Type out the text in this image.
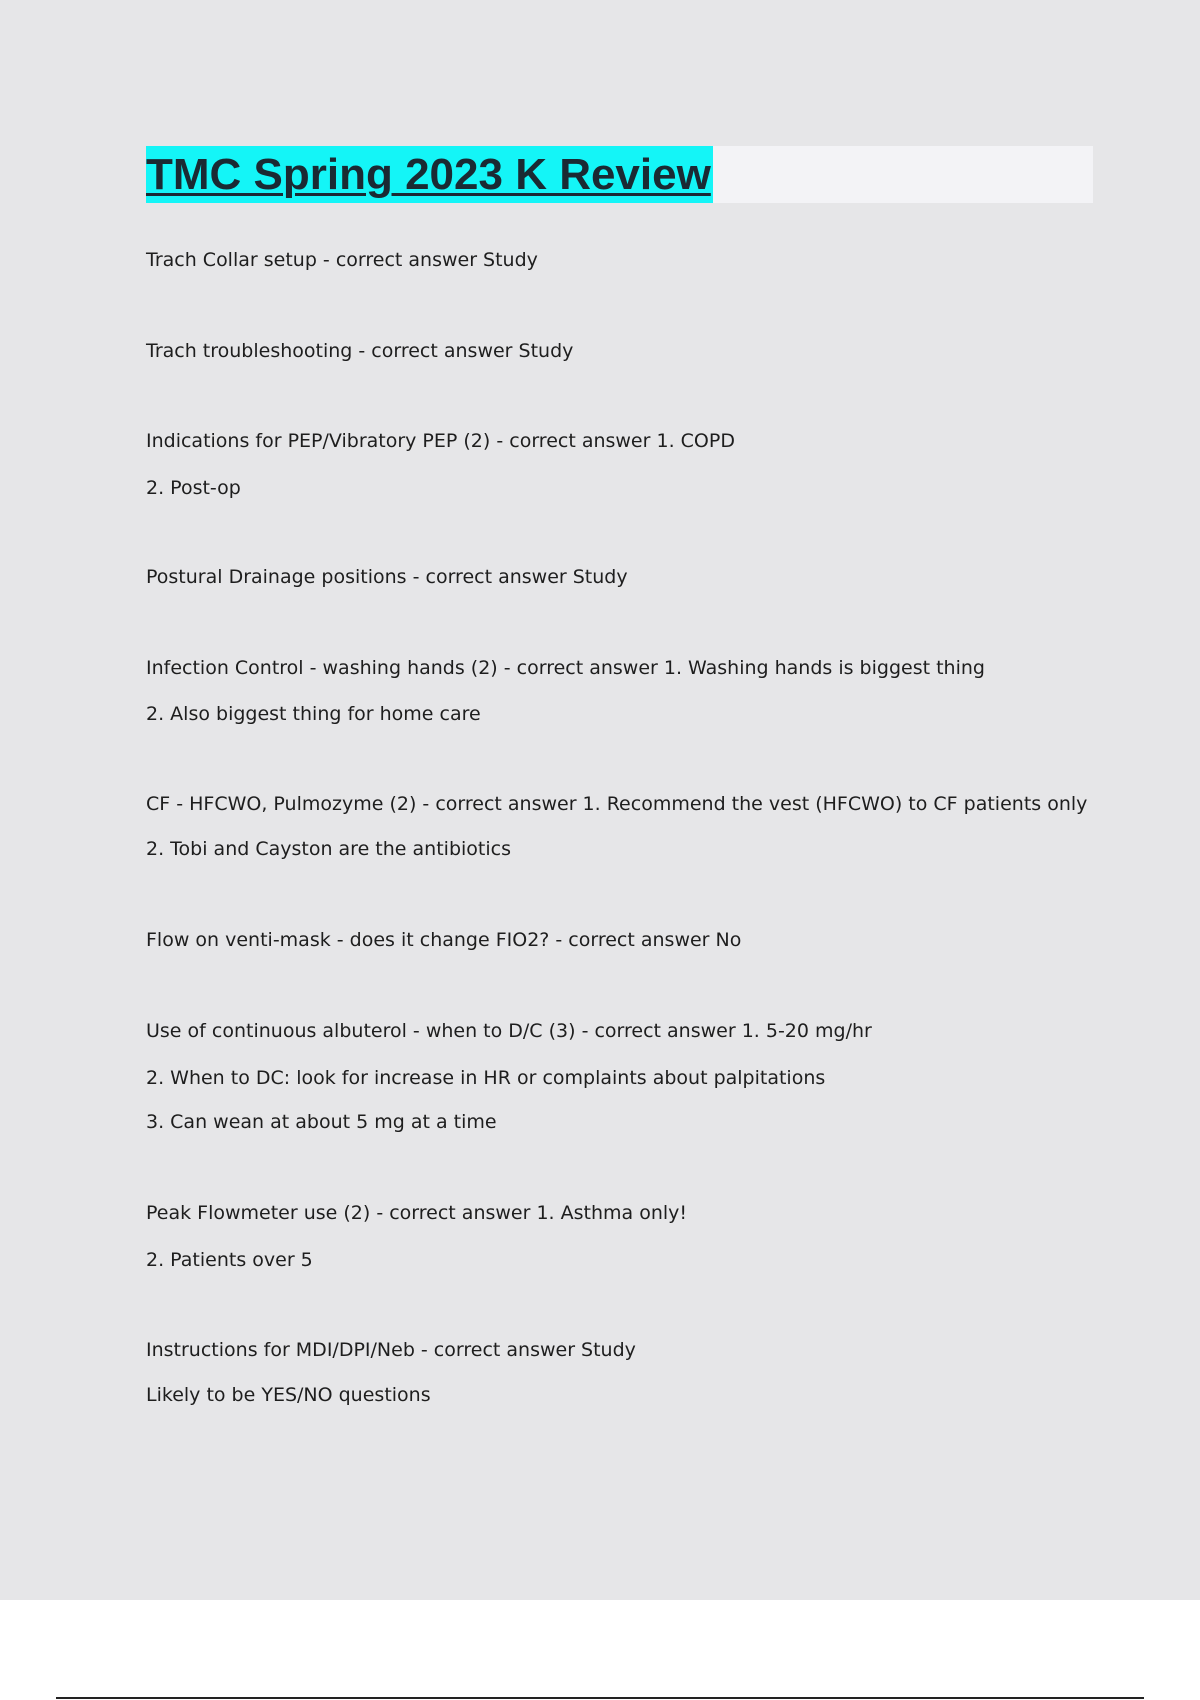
TMC Spring 2023 K Review
Trach Collar setup - correct answer Study
Trach troubleshooting - correct answer Study
Indications for PEP/Vibratory PEP (2) - correct answer 1. COPD
2. Post-op
Postural Drainage positions - correct answer Study
Infection Control - washing hands (2) - correct answer 1. Washing hands is biggest thing
2. Also biggest thing for home care
CF - HFCWO, Pulmozyme (2) - correct answer 1. Recommend the vest (HFCWO) to CF patients only
2. Tobi and Cayston are the antibiotics
Flow on venti-mask - does it change FIO2? - correct answer No
Use of continuous albuterol - when to D/C (3) - correct answer 1. 5-20 mg/hr
2. When to DC: look for increase in HR or complaints about palpitations
3. Can wean at about 5 mg at a time
Peak Flowmeter use (2) - correct answer 1. Asthma only!
2. Patients over 5
Instructions for MDI/DPI/Neb - correct answer Study
Likely to be YES/NO questions
